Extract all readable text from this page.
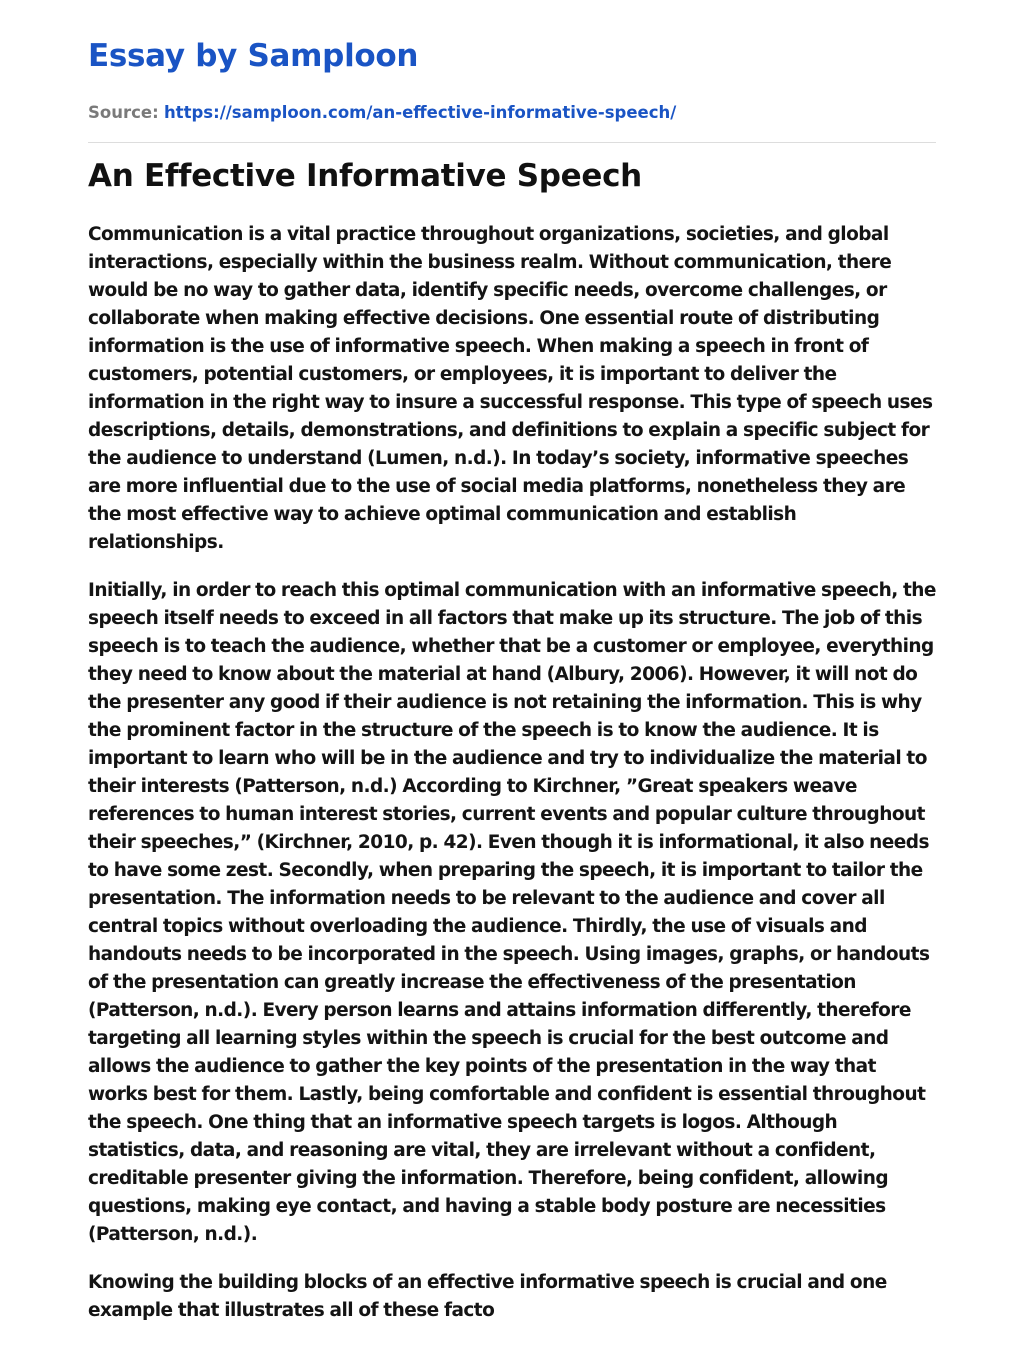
Essay by Samploon
Source: https://samploon.com/an-effective-informative-speech/
An Effective Informative Speech

Communication is a vital practice throughout organizations, societies, and global interactions, especially within the business realm. Without communication, there would be no way to gather data, identify specific needs, overcome challenges, or collaborate when making effective decisions. One essential route of distributing information is the use of informative speech. When making a speech in front of customers, potential customers, or employees, it is important to deliver the information in the right way to insure a successful response. This type of speech uses descriptions, details, demonstrations, and definitions to explain a specific subject for the audience to understand (Lumen, n.d.). In today’s society, informative speeches are more influential due to the use of social media platforms, nonetheless they are the most effective way to achieve optimal communication and establish relationships.

Initially, in order to reach this optimal communication with an informative speech, the speech itself needs to exceed in all factors that make up its structure. The job of this speech is to teach the audience, whether that be a customer or employee, everything they need to know about the material at hand (Albury, 2006). However, it will not do the presenter any good if their audience is not retaining the information. This is why the prominent factor in the structure of the speech is to know the audience. It is important to learn who will be in the audience and try to individualize the material to their interests (Patterson, n.d.) According to Kirchner, ”Great speakers weave references to human interest stories, current events and popular culture throughout their speeches,” (Kirchner, 2010, p. 42). Even though it is informational, it also needs to have some zest. Secondly, when preparing the speech, it is important to tailor the presentation. The information needs to be relevant to the audience and cover all central topics without overloading the audience. Thirdly, the use of visuals and handouts needs to be incorporated in the speech. Using images, graphs, or handouts of the presentation can greatly increase the effectiveness of the presentation (Patterson, n.d.). Every person learns and attains information differently, therefore targeting all learning styles within the speech is crucial for the best outcome and allows the audience to gather the key points of the presentation in the way that works best for them. Lastly, being comfortable and confident is essential throughout the speech. One thing that an informative speech targets is logos. Although statistics, data, and reasoning are vital, they are irrelevant without a confident, creditable presenter giving the information. Therefore, being confident, allowing questions, making eye contact, and having a stable body posture are necessities (Patterson, n.d.).

Knowing the building blocks of an effective informative speech is crucial and one example that illustrates all of these facto
